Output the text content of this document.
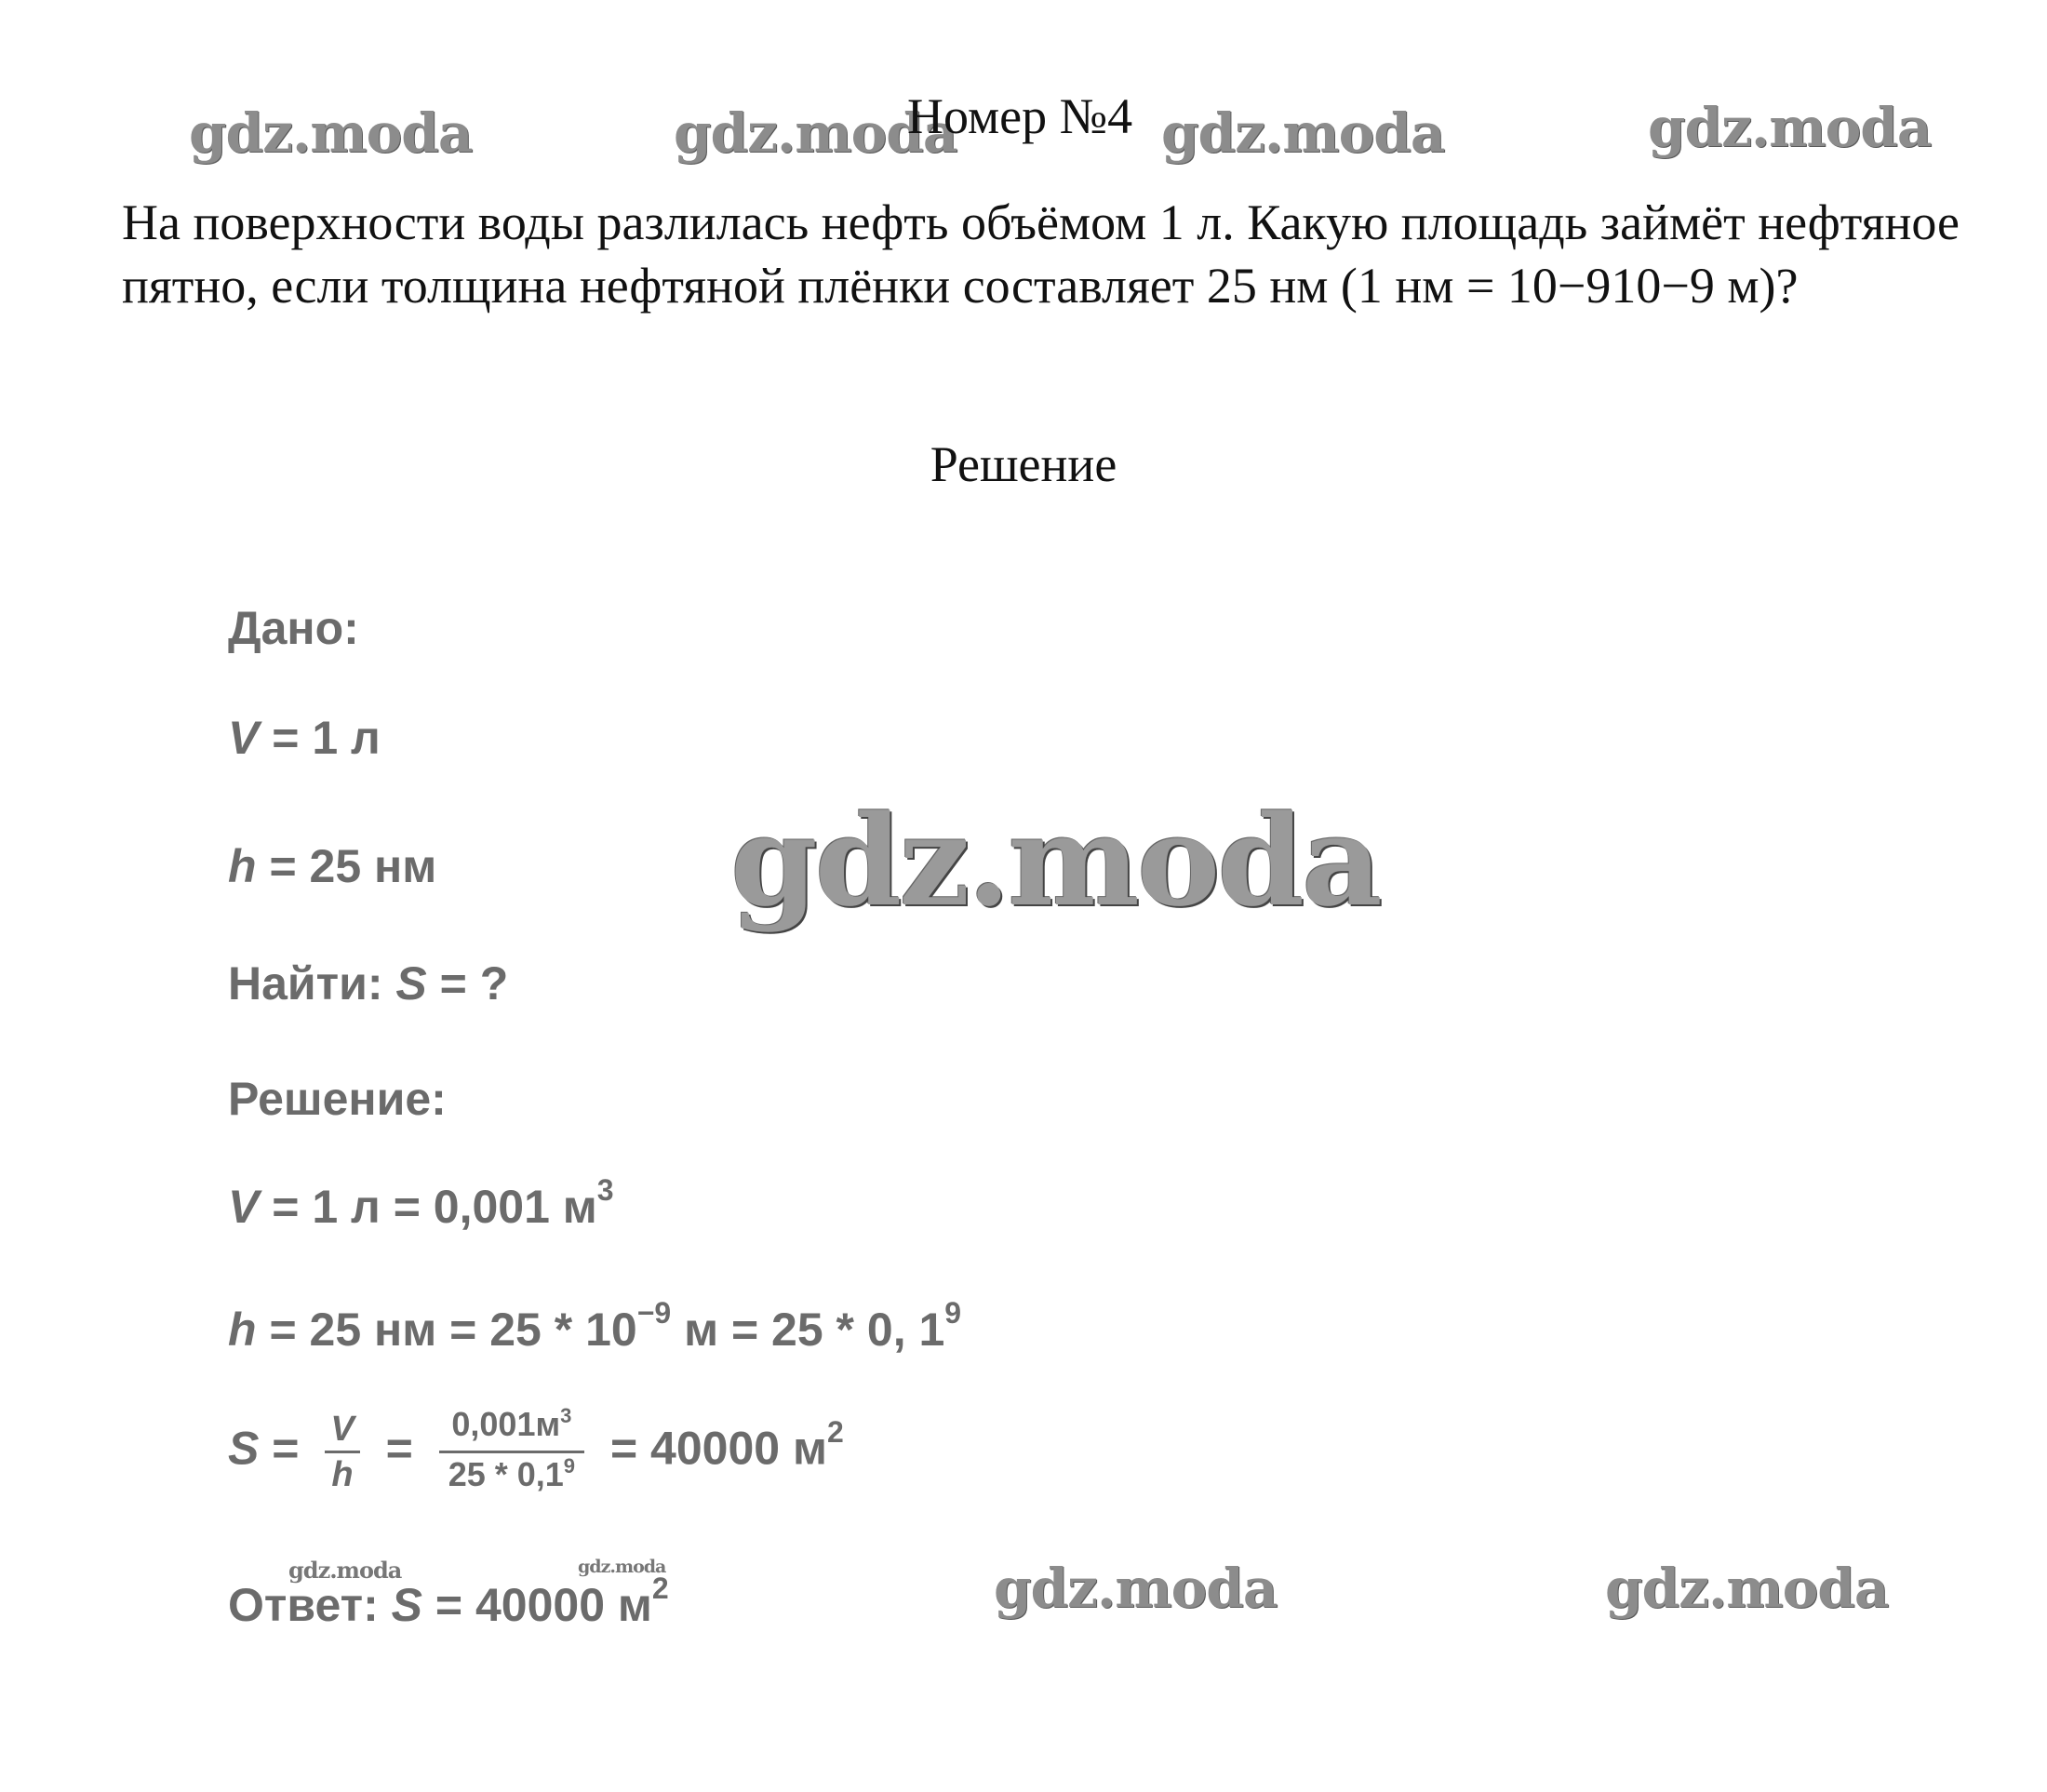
gdz.moda	gdz.moda	gdz.moda	gdz.moda
gdz.moda
gdz.moda	gdz.moda
gdz.moda	gdz.moda
Номер №4

На поверхности воды разлилась нефть объёмом 1 л. Какую площадь займёт нефтяное пятно, если толщина нефтяной плёнки составляет 25 нм (1 нм = 10−910−9 м)?

Решение
Дано:
V = 1 л
h = 25 нм
Найти: S = ?
Решение:
V = 1 л = 0,001 $м^3$
h = 25 нм = $25 * 10^{-9}$ м = 25 * 0, $1^9$
$S = \frac{V}{h} = \frac{0,001м^3}{25 * 0,1^9} = 40000$ $м^2$
Ответ: S = 40000 $м^2$
